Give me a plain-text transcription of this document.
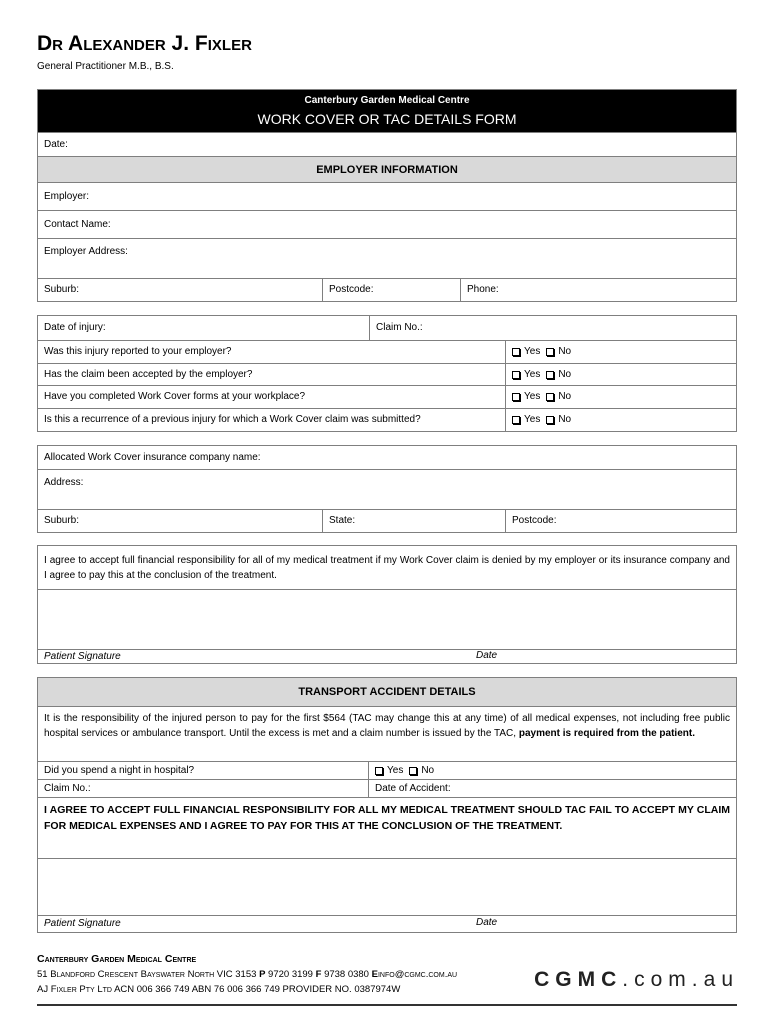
Dr Alexander J. Fixler
General Practitioner M.B., B.S.
Canterbury Garden Medical Centre
WORK COVER OR TAC DETAILS FORM
Date:
EMPLOYER INFORMATION
Employer:
Contact Name:
Employer Address:
Suburb:	Postcode:	Phone:
Date of injury:	Claim No.:
Was this injury reported to your employer?	Yes No
Has the claim been accepted by the employer?	Yes No
Have you completed Work Cover forms at your workplace?	Yes No
Is this a recurrence of a previous injury for which a Work Cover claim was submitted?	Yes No
Allocated Work Cover insurance company name:
Address:
Suburb:	State:	Postcode:
I agree to accept full financial responsibility for all of my medical treatment if my Work Cover claim is denied by my employer or its insurance company and I agree to pay this at the conclusion of the treatment.
Patient Signature	Date
TRANSPORT ACCIDENT DETAILS
It is the responsibility of the injured person to pay for the first $564 (TAC may change this at any time) of all medical expenses, not including free public hospital services or ambulance transport. Until the excess is met and a claim number is issued by the TAC, payment is required from the patient.
Did you spend a night in hospital?	Yes No
Claim No.:	Date of Accident:
I AGREE TO ACCEPT FULL FINANCIAL RESPONSIBILITY FOR ALL MY MEDICAL TREATMENT SHOULD TAC FAIL TO ACCEPT MY CLAIM FOR MEDICAL EXPENSES AND I AGREE TO PAY FOR THIS AT THE CONCLUSION OF THE TREATMENT.
Patient Signature	Date
Canterbury Garden Medical Centre
51 Blandford Crescent Bayswater North VIC 3153 P 9720 3199 F 9738 0380 Einfo@cgmc.com.au
AJ Fixler Pty Ltd ACN 006 366 749 ABN 76 006 366 749 PROVIDER NO. 0387974W	CGMC.com.au
